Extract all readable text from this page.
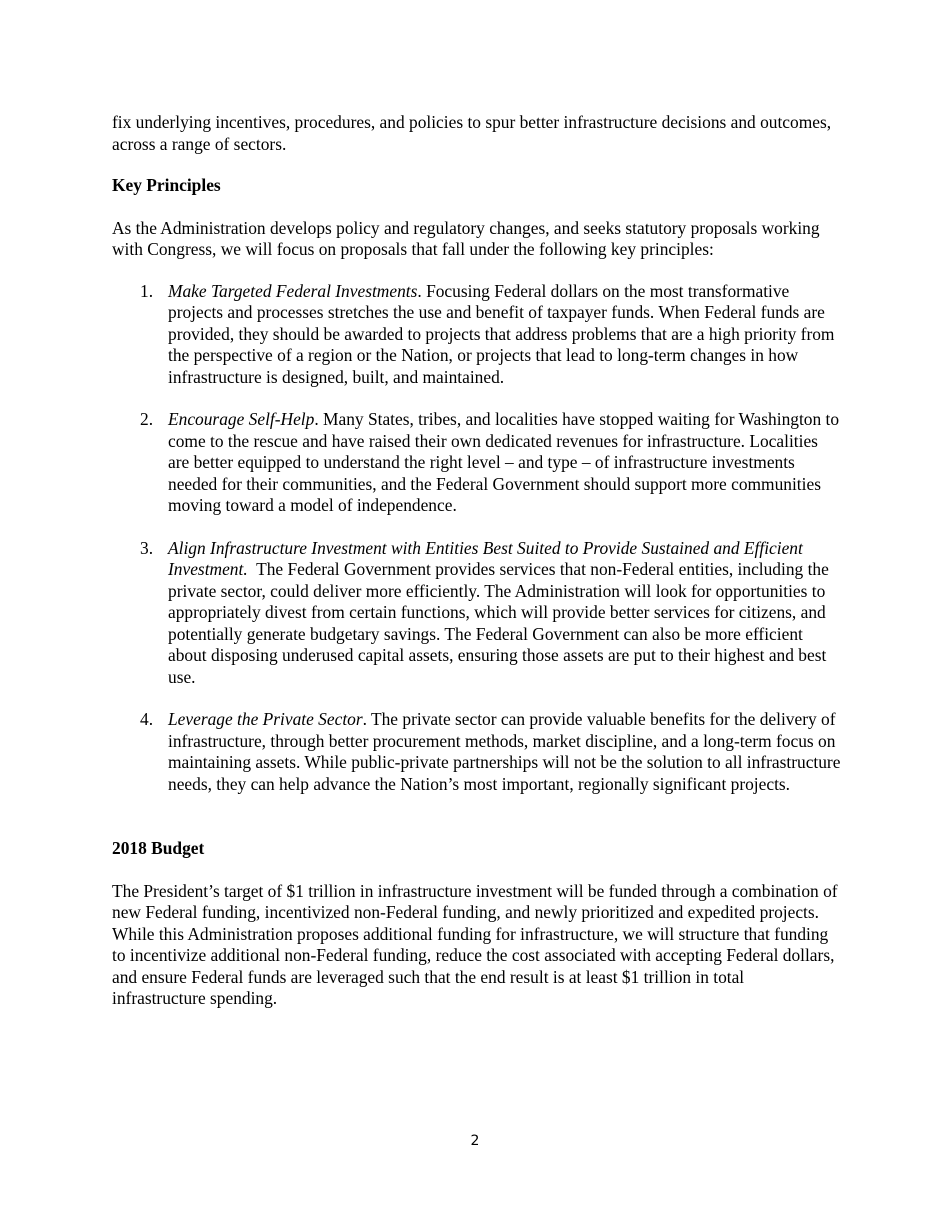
fix underlying incentives, procedures, and policies to spur better infrastructure decisions and outcomes, across a range of sectors.

Key Principles

As the Administration develops policy and regulatory changes, and seeks statutory proposals working with Congress, we will focus on proposals that fall under the following key principles:

1. Make Targeted Federal Investments. Focusing Federal dollars on the most transformative projects and processes stretches the use and benefit of taxpayer funds. When Federal funds are provided, they should be awarded to projects that address problems that are a high priority from the perspective of a region or the Nation, or projects that lead to long-term changes in how infrastructure is designed, built, and maintained.
2. Encourage Self-Help. Many States, tribes, and localities have stopped waiting for Washington to come to the rescue and have raised their own dedicated revenues for infrastructure. Localities are better equipped to understand the right level – and type – of infrastructure investments needed for their communities, and the Federal Government should support more communities moving toward a model of independence.
3. Align Infrastructure Investment with Entities Best Suited to Provide Sustained and Efficient Investment.  The Federal Government provides services that non-Federal entities, including the private sector, could deliver more efficiently. The Administration will look for opportunities to appropriately divest from certain functions, which will provide better services for citizens, and potentially generate budgetary savings. The Federal Government can also be more efficient about disposing underused capital assets, ensuring those assets are put to their highest and best use.
4. Leverage the Private Sector. The private sector can provide valuable benefits for the delivery of infrastructure, through better procurement methods, market discipline, and a long-term focus on maintaining assets. While public-private partnerships will not be the solution to all infrastructure needs, they can help advance the Nation’s most important, regionally significant projects.
2018 Budget

The President’s target of $1 trillion in infrastructure investment will be funded through a combination of new Federal funding, incentivized non-Federal funding, and newly prioritized and expedited projects. While this Administration proposes additional funding for infrastructure, we will structure that funding to incentivize additional non-Federal funding, reduce the cost associated with accepting Federal dollars, and ensure Federal funds are leveraged such that the end result is at least $1 trillion in total infrastructure spending.

2
